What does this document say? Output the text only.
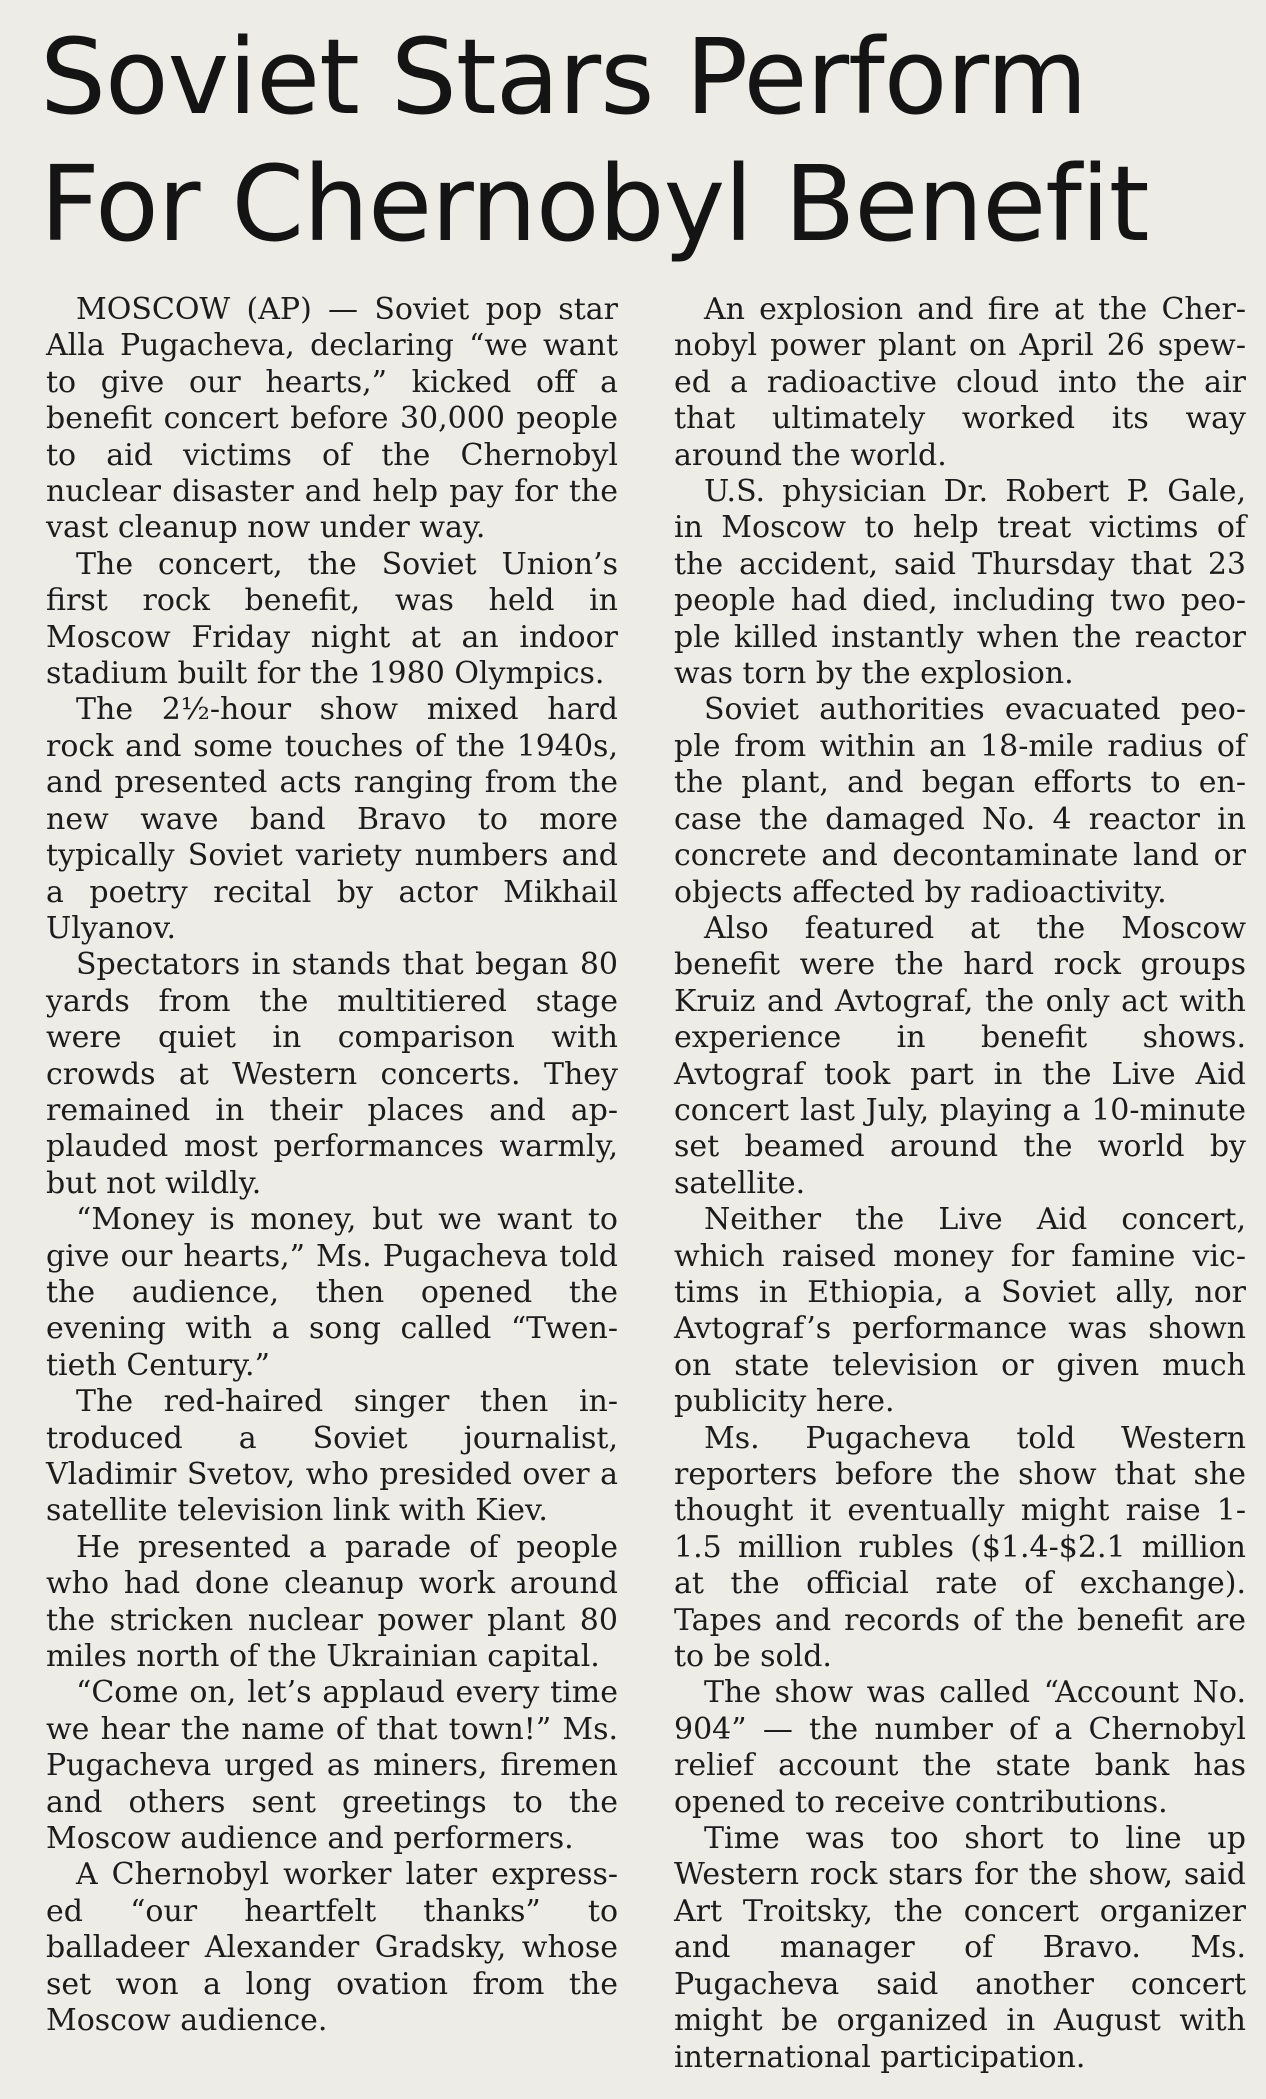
Soviet Stars Perform
For Chernobyl Benefit

MOSCOW (AP) — Soviet pop star Alla Pugacheva, declaring “we want to give our hearts,” kicked off a benefit concert before 30,000 people to aid victims of the Chernobyl nuclear disaster and help pay for the vast cleanup now under way.

The concert, the Soviet Union’s first rock benefit, was held in Moscow Friday night at an indoor stadium built for the 1980 Olympics.

The 2½-hour show mixed hard rock and some touches of the 1940s, and presented acts ranging from the new wave band Bravo to more typically Soviet variety numbers and a poetry recital by actor Mikhail Ulyanov.

Spectators in stands that began 80 yards from the multitiered stage were quiet in comparison with crowds at Western concerts. They remained in their places and applauded most performances warmly, but not wildly.

“Money is money, but we want to give our hearts,” Ms. Pugacheva told the audience, then opened the evening with a song called “Twentieth Century.”

The red-haired singer then introduced a Soviet journalist, Vladimir Svetov, who presided over a satellite television link with Kiev.

He presented a parade of people who had done cleanup work around the stricken nuclear power plant 80 miles north of the Ukrainian capital.

“Come on, let’s applaud every time we hear the name of that town!” Ms. Pugacheva urged as miners, firemen and others sent greetings to the Moscow audience and performers.

A Chernobyl worker later expressed “our heartfelt thanks” to balladeer Alexander Gradsky, whose set won a long ovation from the Moscow audience.

An explosion and fire at the Chernobyl power plant on April 26 spewed a radioactive cloud into the air that ultimately worked its way around the world.

U.S. physician Dr. Robert P. Gale, in Moscow to help treat victims of the accident, said Thursday that 23 people had died, including two people killed instantly when the reactor was torn by the explosion.

Soviet authorities evacuated people from within an 18-mile radius of the plant, and began efforts to encase the damaged No. 4 reactor in concrete and decontaminate land or objects affected by radioactivity.

Also featured at the Moscow benefit were the hard rock groups Kruiz and Avtograf, the only act with experience in benefit shows. Avtograf took part in the Live Aid concert last July, playing a 10-minute set beamed around the world by satellite.

Neither the Live Aid concert, which raised money for famine victims in Ethiopia, a Soviet ally, nor Avtograf’s performance was shown on state television or given much publicity here.

Ms. Pugacheva told Western reporters before the show that she thought it eventually might raise 1-1.5 million rubles ($1.4-$2.1 million at the official rate of exchange). Tapes and records of the benefit are to be sold.

The show was called “Account No. 904” — the number of a Chernobyl relief account the state bank has opened to receive contributions.

Time was too short to line up Western rock stars for the show, said Art Troitsky, the concert organizer and manager of Bravo. Ms. Pugacheva said another concert might be organized in August with international participation.
